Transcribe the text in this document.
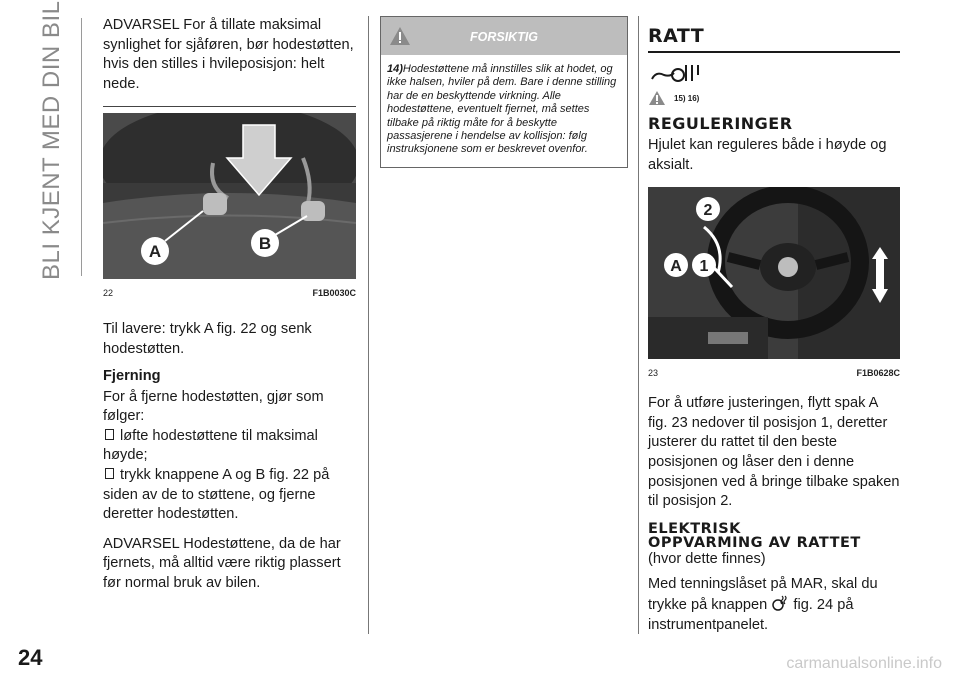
BLI KJENT MED DIN BIL
24

ADVARSEL For å tillate maksimal synlighet for sjåføren, bør hodestøtten, hvis den stilles i hvileposisjon: helt nede.

A	B
22	F1B0030C

Til lavere: trykk A fig. 22 og senk hodestøtten.

Fjerning

For å fjerne hodestøtten, gjør som følger:

løfte hodestøttene til maksimal høyde;
trykk knappene A og B fig. 22 på siden av de to støttene, og fjerne deretter hodestøtten.

ADVARSEL Hodestøttene, da de har fjernets, må alltid være riktig plassert før normal bruk av bilen.

FORSIKTIG
14)Hodestøttene må innstilles slik at hodet, og ikke halsen, hviler på dem. Bare i denne stilling har de en beskyttende virkning. Alle hodestøttene, eventuelt fjernet, må settes tilbake på riktig måte for å beskytte passasjerene i hendelse av kollisjon: følg instruksjonene som er beskrevet ovenfor.
RATT
15) 16)
REGULERINGER

Hjulet kan reguleres både i høyde og aksialt.

2
1
A
23	F1B0628C

For å utføre justeringen, flytt spak A fig. 23 nedover til posisjon 1, deretter justerer du rattet til den beste posisjonen og låser den i denne posisjonen ved å bringe tilbake spaken til posisjon 2.

ELEKTRISK
OPPVARMING AV RATTET

(hvor dette finnes)

Med tenningslåset på MAR, skal du trykke på knappen fig. 24 på instrumentpanelet.

carmanualsonline.info
